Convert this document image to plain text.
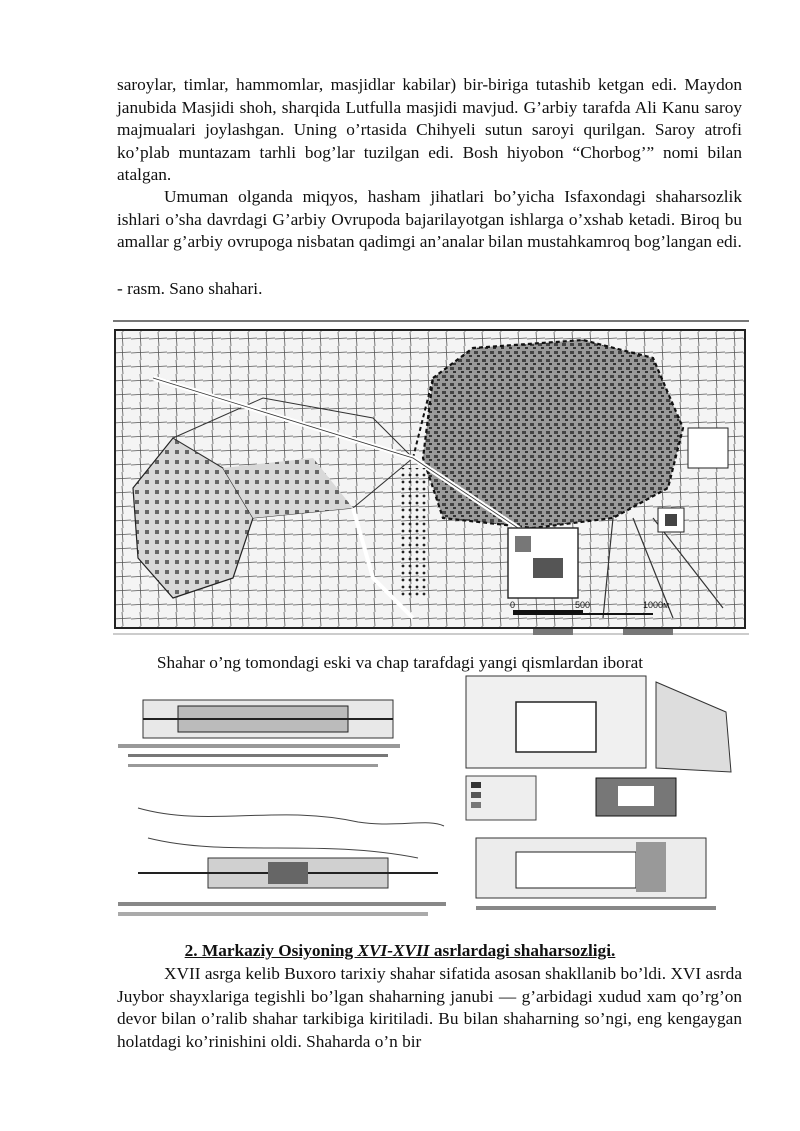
saroylar, timlar, hammomlar, masjidlar kabilar) bir-biriga tutashib ketgan edi. Maydon janubida Masjidi shoh, sharqida Lutfulla masjidi mavjud. G’arbiy tarafda Ali Kanu saroy majmualari joylashgan. Uning o’rtasida Chihyeli sutun saroyi qurilgan. Saroy atrofi ko’plab muntazam tarhli bog’lar tuzilgan edi. Bosh hiyobon “Chorbog’” nomi bilan atalgan.

Umuman olganda miqyos, hasham jihatlari bo’yicha Isfaxondagi shaharsozlik ishlari o’sha davrdagi G’arbiy Ovrupoda bajarilayotgan ishlarga o’xshab ketadi. Biroq bu amallar g’arbiy ovrupoga nisbatan qadimgi an’analar bilan mustahkamroq bog’langan edi.

- rasm. Sano shahari.

0	500	1000м

Shahar o’ng tomondagi eski va chap tarafdagi yangi qismlardan iborat

2. Markaziy Osiyoning XVI-XVII asrlardagi shaharsozligi.

XVII asrga kelib Buxoro tarixiy shahar sifatida asosan shakllanib bo’ldi. XVI asrda Juybor shayxlariga tegishli bo’lgan shaharning janubi — g’arbidagi xudud xam qo’rg’on devor bilan o’ralib shahar tarkibiga kiritiladi. Bu bilan shaharning so’ngi, eng kengaygan holatdagi ko’rinishini oldi. Shaharda o’n bir
